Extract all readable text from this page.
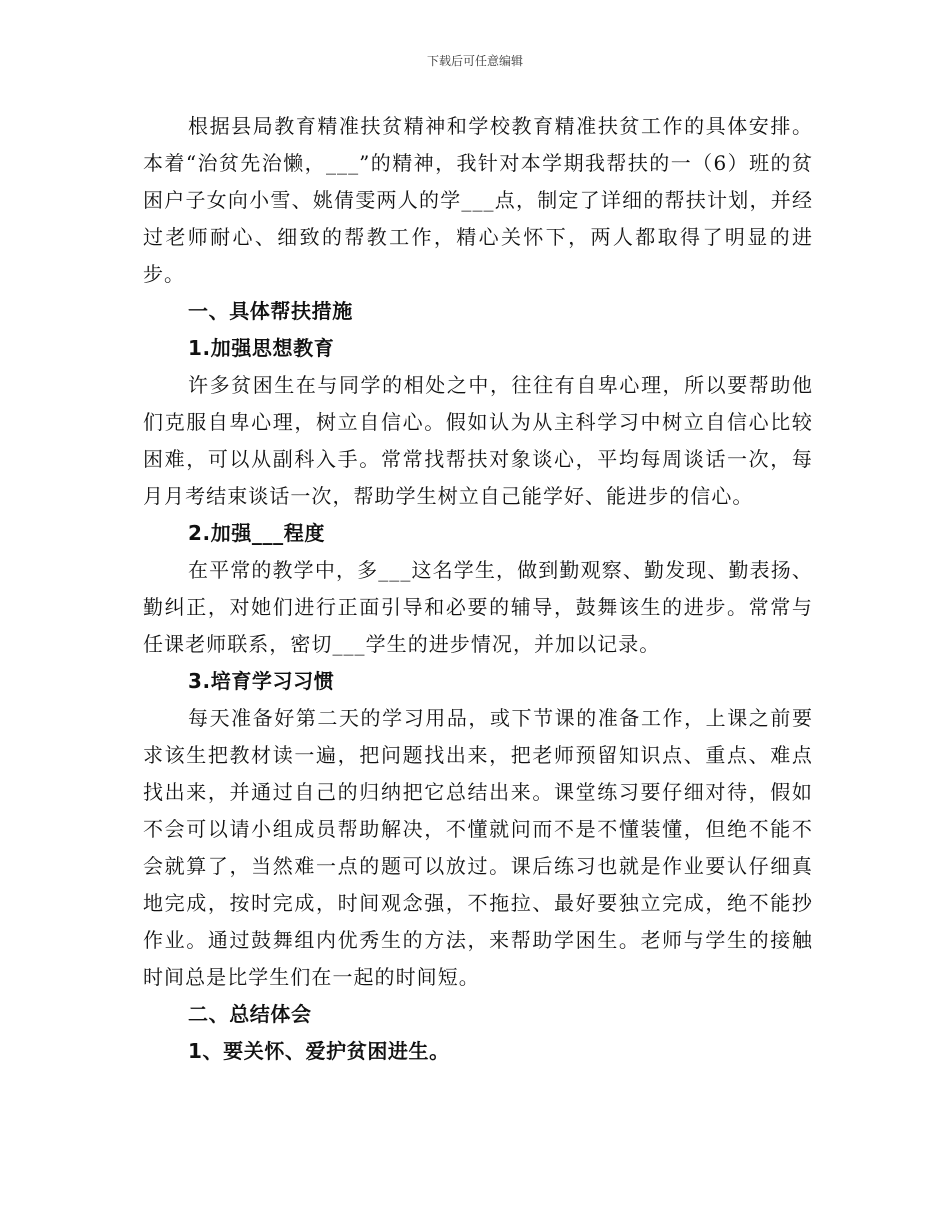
下载后可任意编辑

根据县局教育精准扶贫精神和学校教育精准扶贫工作的具体安排。本着“治贫先治懒，___”的精神，我针对本学期我帮扶的一（6）班的贫困户子女向小雪、姚倩雯两人的学___点，制定了详细的帮扶计划，并经过老师耐心、细致的帮教工作，精心关怀下，两人都取得了明显的进步。

一、具体帮扶措施

1.加强思想教育

许多贫困生在与同学的相处之中，往往有自卑心理，所以要帮助他们克服自卑心理，树立自信心。假如认为从主科学习中树立自信心比较困难，可以从副科入手。常常找帮扶对象谈心，平均每周谈话一次，每月月考结束谈话一次，帮助学生树立自己能学好、能进步的信心。

2.加强___程度

在平常的教学中，多___这名学生，做到勤观察、勤发现、勤表扬、勤纠正，对她们进行正面引导和必要的辅导，鼓舞该生的进步。常常与任课老师联系，密切___学生的进步情况，并加以记录。

3.培育学习习惯

每天准备好第二天的学习用品，或下节课的准备工作，上课之前要求该生把教材读一遍，把问题找出来，把老师预留知识点、重点、难点找出来，并通过自己的归纳把它总结出来。课堂练习要仔细对待，假如不会可以请小组成员帮助解决，不懂就问而不是不懂装懂，但绝不能不会就算了，当然难一点的题可以放过。课后练习也就是作业要认仔细真地完成，按时完成，时间观念强，不拖拉、最好要独立完成，绝不能抄作业。通过鼓舞组内优秀生的方法，来帮助学困生。老师与学生的接触时间总是比学生们在一起的时间短。

二、总结体会

1、要关怀、爱护贫困进生。
